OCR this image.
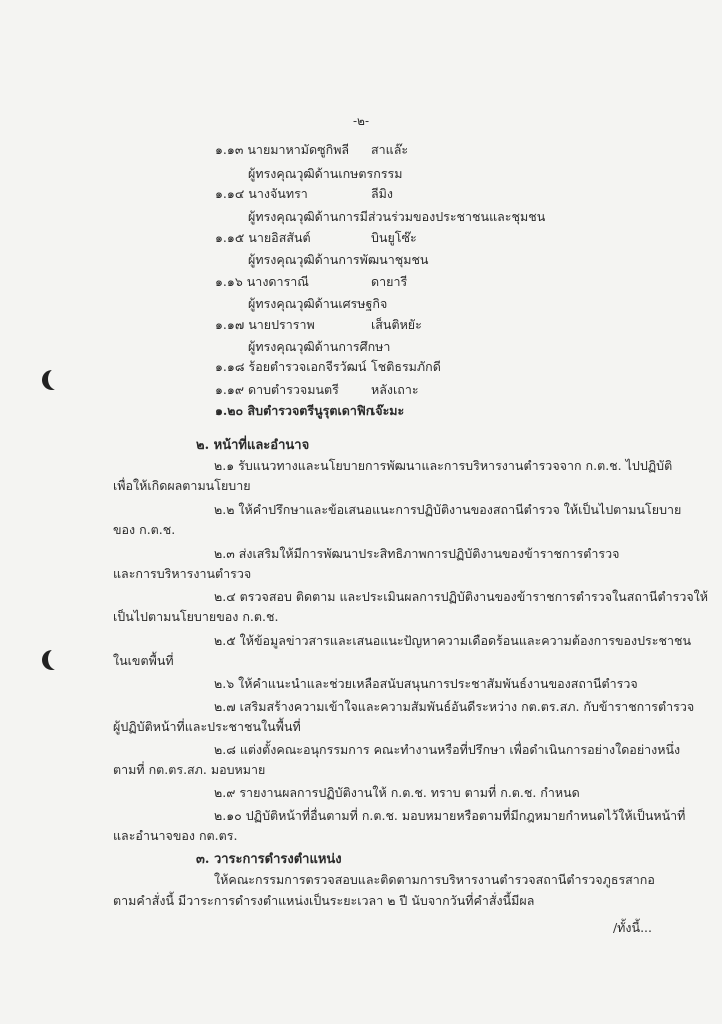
-๒-
๑.๑๓ นายมาหามัดซูกิพลี สาแล๊ะ
ผู้ทรงคุณวุฒิด้านเกษตรกรรม
๑.๑๔ นางจันทรา	ลีมิง
ผู้ทรงคุณวุฒิด้านการมีส่วนร่วมของประชาชนและชุมชน
๑.๑๕ นายอิสสันต์	บินยูโซ๊ะ
ผู้ทรงคุณวุฒิด้านการพัฒนาชุมชน
๑.๑๖ นางดาราณี	ดายารี
ผู้ทรงคุณวุฒิด้านเศรษฐกิจ
๑.๑๗ นายปราราพ	เส็นติหยัะ
ผู้ทรงคุณวุฒิด้านการศึกษา
๑.๑๘ ร้อยตำรวจเอกจีรวัฒน์ โชติธรมภักดี
๑.๑๙ ดาบตำรวจมนตรี	หลังเถาะ
๑.๒๐ สิบตำรวจตรีนูรุตเดาฟิก
เจ๊ะมะ
๒. หน้าที่และอำนาจ
๒.๑ รับแนวทางและนโยบายการพัฒนาและการบริหารงานตำรวจจาก ก.ต.ช. ไปปฏิบัติ
เพื่อให้เกิดผลตามนโยบาย
๒.๒ ให้คำปรึกษาและข้อเสนอแนะการปฏิบัติงานของสถานีตำรวจ ให้เป็นไปตามนโยบาย
ของ ก.ต.ช.
๒.๓ ส่งเสริมให้มีการพัฒนาประสิทธิภาพการปฏิบัติงานของข้าราชการตำรวจ
และการบริหารงานตำรวจ
๒.๔ ตรวจสอบ ติดตาม และประเมินผลการปฏิบัติงานของข้าราชการตำรวจในสถานีตำรวจให้
เป็นไปตามนโยบายของ ก.ต.ช.
๒.๕ ให้ข้อมูลข่าวสารและเสนอแนะปัญหาความเดือดร้อนและความต้องการของประชาชน
ในเขตพื้นที่
๒.๖ ให้คำแนะนำและช่วยเหลือสนับสนุนการประชาสัมพันธ์งานของสถานีตำรวจ
๒.๗ เสริมสร้างความเข้าใจและความสัมพันธ์อันดีระหว่าง กต.ตร.สภ. กับข้าราชการตำรวจ
ผู้ปฏิบัติหน้าที่และประชาชนในพื้นที่
๒.๘ แต่งตั้งคณะอนุกรรมการ คณะทำงานหรือที่ปรึกษา เพื่อดำเนินการอย่างใดอย่างหนึ่ง
ตามที่ กต.ตร.สภ. มอบหมาย
๒.๙ รายงานผลการปฏิบัติงานให้ ก.ต.ช. ทราบ ตามที่ ก.ต.ช. กำหนด
๒.๑๐ ปฏิบัติหน้าที่อื่นตามที่ ก.ต.ช. มอบหมายหรือตามที่มีกฎหมายกำหนดไว้ให้เป็นหน้าที่
และอำนาจของ กต.ตร.
๓. วาระการดำรงตำแหน่ง
ให้คณะกรรมการตรวจสอบและติดตามการบริหารงานตำรวจสถานีตำรวจภูธรสากอ
ตามคำสั่งนี้ มีวาระการดำรงตำแหน่งเป็นระยะเวลา ๒ ปี นับจากวันที่คำสั่งนี้มีผล
/ทั้งนี้...
